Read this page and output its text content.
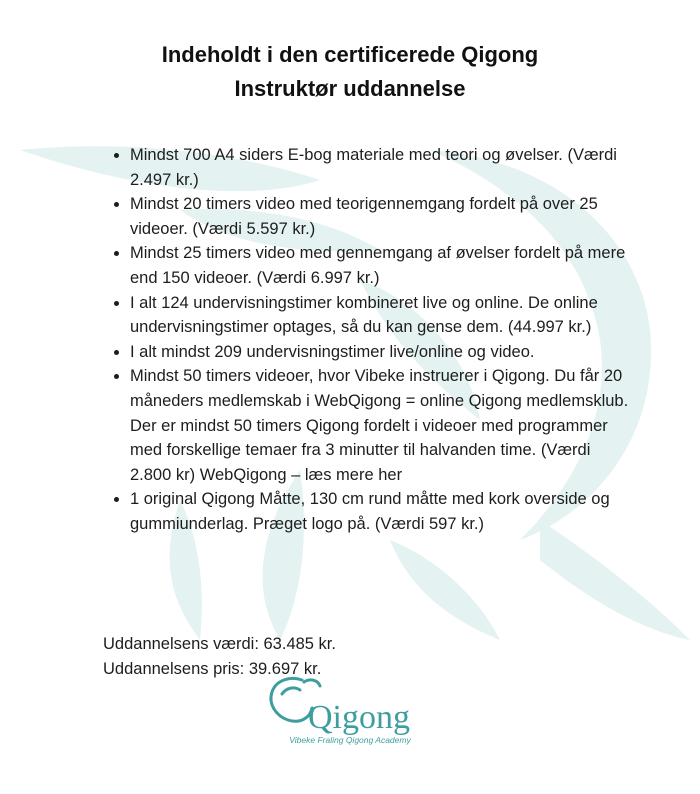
Indeholdt i den certificerede Qigong
Instruktør uddannelse
• Mindst 700 A4 siders E-bog materiale med teori og øvelser. (Værdi 2.497 kr.)
• Mindst 20 timers video med teorigennemgang fordelt på over 25 videoer. (Værdi 5.597 kr.)
• Mindst 25 timers video med gennemgang af øvelser fordelt på mere end 150 videoer. (Værdi 6.997 kr.)
• I alt 124 undervisningstimer kombineret live og online. De online undervisningstimer optages, så du kan gense dem. (44.997 kr.)
• I alt mindst 209 undervisningstimer live/online og video.
• Mindst 50 timers videoer, hvor Vibeke instruerer i Qigong. Du får 20 måneders medlemskab i WebQigong = online Qigong medlemsklub. Der er mindst 50 timers Qigong fordelt i videoer med programmer med forskellige temaer fra 3 minutter til halvanden time. (Værdi 2.800 kr) WebQigong – læs mere her
• 1 original Qigong Måtte, 130 cm rund måtte med kork overside og gummiunderlag. Præget logo på. (Værdi 597 kr.)
Uddannelsens værdi: 63.485 kr.
Uddannelsens pris: 39.697 kr.
Qigong
Vibeke Fraling Qigong Academy
